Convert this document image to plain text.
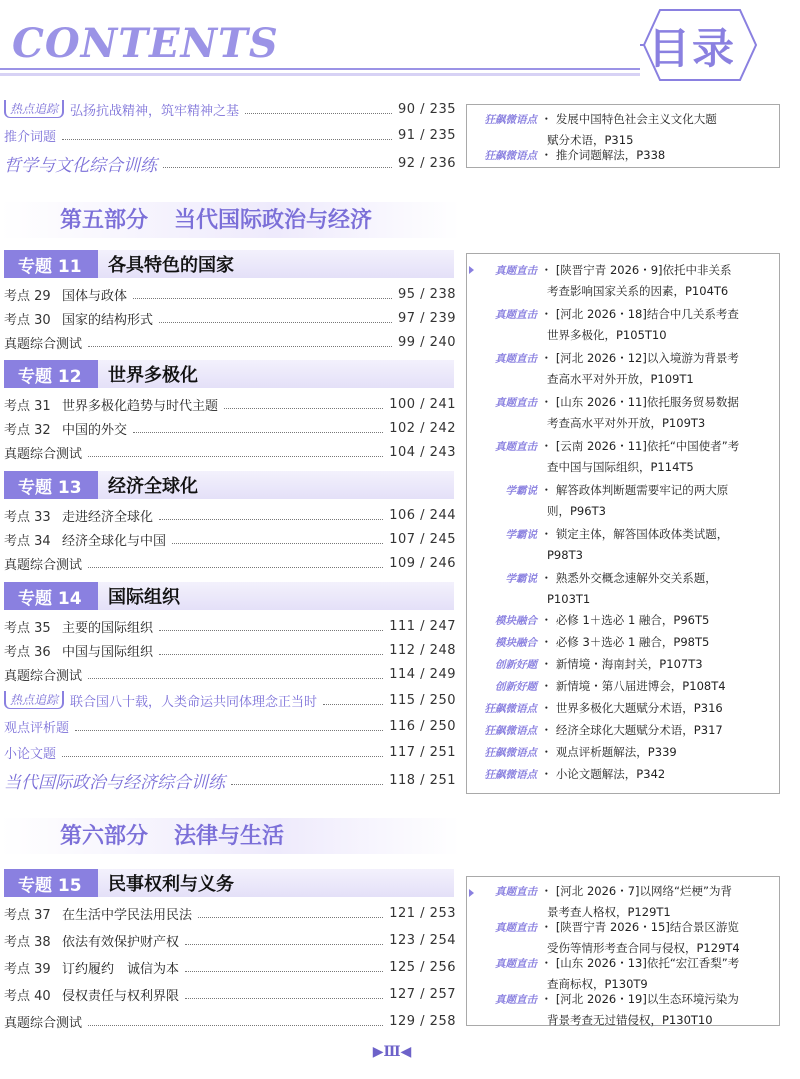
CONTENTS	目录
热点追踪 弘扬抗战精神，筑牢精神之基	90 / 235
推介词题	91 / 235
哲学与文化综合训练	92 / 236
狂飙微语点 ・ 发展中国特色社会主义文化大题
赋分术语，P315
狂飙微语点 ・ 推介词题解法，P338
第五部分 当代国际政治与经济
专题 11	各具特色的国家
考点 29 国体与政体	95 / 238
考点 30 国家的结构形式	97 / 239
真题综合测试	99 / 240
专题 12	世界多极化
考点 31 世界多极化趋势与时代主题	100 / 241
考点 32 中国的外交	102 / 242
真题综合测试	104 / 243
专题 13	经济全球化
考点 33 走进经济全球化	106 / 244
考点 34 经济全球化与中国	107 / 245
真题综合测试	109 / 246
专题 14	国际组织
考点 35 主要的国际组织	111 / 247
考点 36 中国与国际组织	112 / 248
真题综合测试	114 / 249
热点追踪 联合国八十载，人类命运共同体理念正当时	115 / 250
观点评析题	116 / 250
小论文题	117 / 251
当代国际政治与经济综合训练	118 / 251
真题直击 ・ [陕晋宁青 2026・9]依托中非关系
考查影响国家关系的因素，P104T6
真题直击 ・ [河北 2026・18]结合中几关系考查
世界多极化，P105T10
真题直击 ・ [河北 2026・12]以入境游为背景考
查高水平对外开放，P109T1
真题直击 ・ [山东 2026・11]依托服务贸易数据
考查高水平对外开放，P109T3
真题直击 ・ [云南 2026・11]依托“中国使者”考
查中国与国际组织，P114T5
学霸说 ・ 解答政体判断题需要牢记的两大原
则，P96T3
学霸说 ・ 锁定主体，解答国体政体类试题，
P98T3
学霸说 ・ 熟悉外交概念速解外交关系题，
P103T1
模块融合 ・ 必修 1＋选必 1 融合，P96T5
模块融合 ・ 必修 3＋选必 1 融合，P98T5
创新好题 ・ 新情境・海南封关，P107T3
创新好题 ・ 新情境・第八届进博会，P108T4
狂飙微语点 ・ 世界多极化大题赋分术语，P316
狂飙微语点 ・ 经济全球化大题赋分术语，P317
狂飙微语点 ・ 观点评析题解法，P339
狂飙微语点 ・ 小论文题解法，P342
第六部分 法律与生活
专题 15	民事权利与义务
考点 37 在生活中学民法用民法	121 / 253
考点 38 依法有效保护财产权	123 / 254
考点 39 订约履约　诚信为本	125 / 256
考点 40 侵权责任与权利界限	127 / 257
真题综合测试	129 / 258
真题直击 ・ [河北 2026・7]以网络“烂梗”为背
景考查人格权，P129T1
真题直击 ・ [陕晋宁青 2026・15]结合景区游览
受伤等情形考查合同与侵权，P129T4
真题直击 ・ [山东 2026・13]依托“宏江香梨”考
查商标权，P130T9
真题直击 ・ [河北 2026・19]以生态环境污染为
背景考查无过错侵权，P130T10
▶Ⅲ◀
